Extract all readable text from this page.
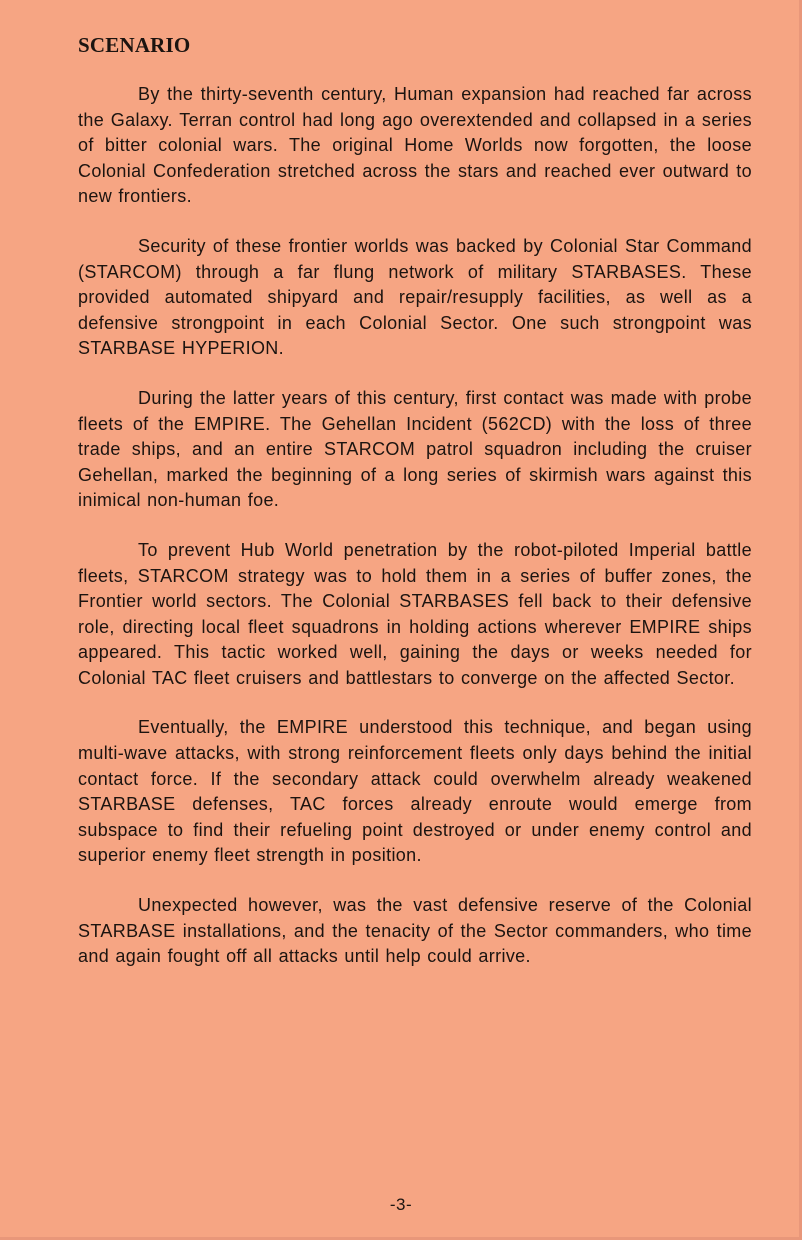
SCENARIO

By the thirty-seventh century, Human expansion had reached far across the Galaxy. Terran control had long ago overextended and collapsed in a series of bitter colonial wars. The original Home Worlds now forgotten, the loose Colonial Confederation stretched across the stars and reached ever outward to new frontiers.

Security of these frontier worlds was backed by Colonial Star Command (STARCOM) through a far flung network of military STARBASES. These provided automated shipyard and repair/resupply facilities, as well as a defensive strongpoint in each Colonial Sector. One such strongpoint was STARBASE HYPERION.

During the latter years of this century, first contact was made with probe fleets of the EMPIRE. The Gehellan Incident (562CD) with the loss of three trade ships, and an entire STARCOM patrol squadron including the cruiser Gehellan, marked the beginning of a long series of skirmish wars against this inimical non-human foe.

To prevent Hub World penetration by the robot-piloted Imperial battle fleets, STARCOM strategy was to hold them in a series of buffer zones, the Frontier world sectors. The Colonial STARBASES fell back to their defensive role, directing local fleet squadrons in holding actions wherever EMPIRE ships appeared. This tactic worked well, gaining the days or weeks needed for Colonial TAC fleet cruisers and battlestars to converge on the affected Sector.

Eventually, the EMPIRE understood this technique, and began using multi-wave attacks, with strong reinforcement fleets only days behind the initial contact force. If the secondary attack could overwhelm already weakened STARBASE defenses, TAC forces already enroute would emerge from subspace to find their refueling point destroyed or under enemy control and superior enemy fleet strength in position.

Unexpected however, was the vast defensive reserve of the Colonial STARBASE installations, and the tenacity of the Sector commanders, who time and again fought off all attacks until help could arrive.

-3-
